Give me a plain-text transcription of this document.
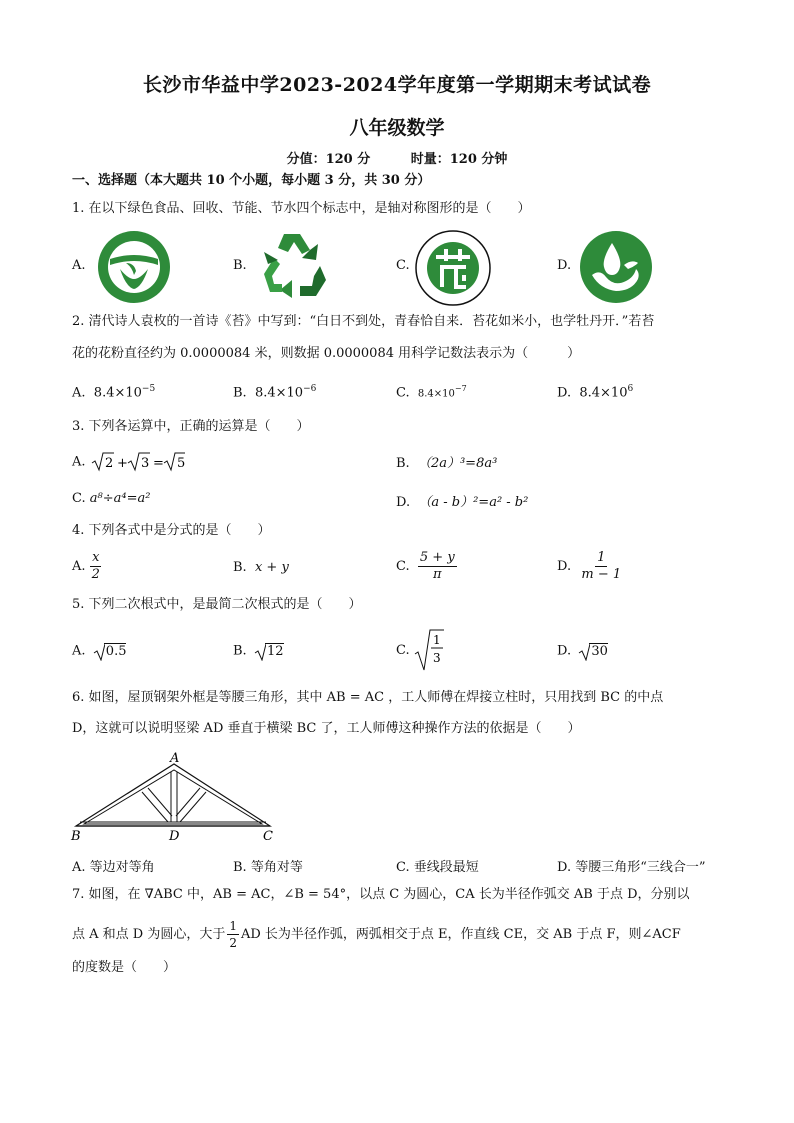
长沙市华益中学2023-2024学年度第一学期期末考试试卷
八年级数学
分值：120 分	时量：120 分钟
一、选择题（本大题共 10 个小题，每小题 3 分，共 30 分）
1. 在以下绿色食品、回收、节能、节水四个标志中，是轴对称图形的是（　　）
A.	B.	C.	D.
2. 清代诗人袁枚的一首诗《苔》中写到：“白日不到处，青春恰自来．苔花如米小，也学牡丹开．”若苔
花的花粉直径约为 0.0000084 米，则数据 0.0000084 用科学记数法表示为（　　　）
A. $8.4\times 10^{-5}$	B. $8.4\times 10^{-6}$	C. $8.4\times 10^{-7}$	D. $8.4\times 10^6$
3. 下列各运算中，正确的运算是（　　）
A. 2 + 3 = 5	B. （2a）³=8a³
C. a⁸÷a⁴=a²	D. （a - b）²=a² - b²
4. 下列各式中是分式的是（　　）
A. $\frac{x}{2}$	B. x + y	C. $\frac{5 + y}{\pi}$	D. $\frac{1}{m - 1}$
5. 下列二次根式中，是最简二次根式的是（　　）
A. 0.5	B. 12	C.
1
3	D. 30
6. 如图，屋顶钢架外框是等腰三角形，其中 AB = AC ，工人师傅在焊接立柱时，只用找到 BC 的中点
D，这就可以说明竖梁 AD 垂直于横梁 BC 了，工人师傅这种操作方法的依据是（　　）
A
B	D	C
A. 等边对等角	B. 等角对等	C. 垂线段最短	D. 等腰三角形“三线合一”
7. 如图，在 ∇ABC 中，AB = AC，∠B = 54°，以点 C 为圆心，CA 长为半径作弧交 AB 于点 D，分别以
点 A 和点 D 为圆心，大于 $\frac{1}{2}$ AD 长为半径作弧，两弧相交于点 E，作直线 CE，交 AB 于点 F，则∠ACF
的度数是（　　）
